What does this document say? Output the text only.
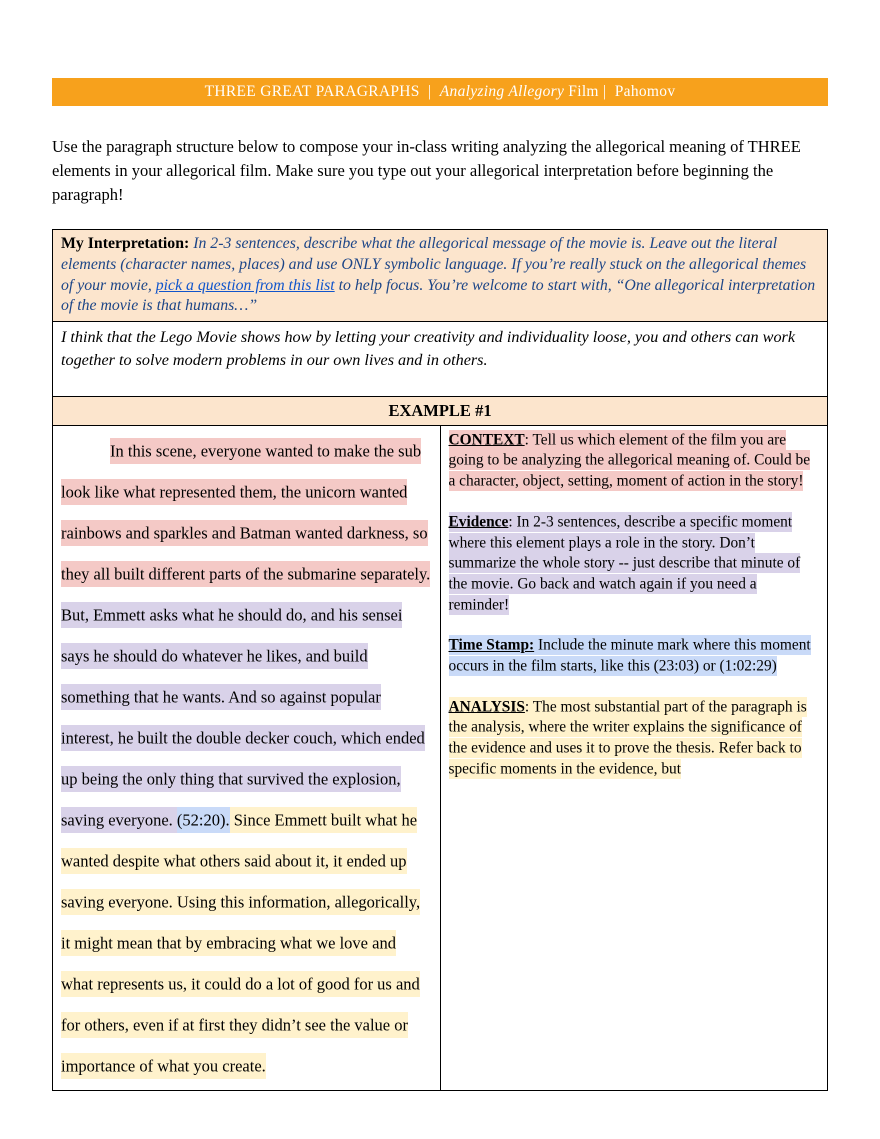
THREE GREAT PARAGRAPHS  |  Analyzing Allegory Film |  Pahomov

Use the paragraph structure below to compose your in-class writing analyzing the allegorical meaning of THREE elements in your allegorical film. Make sure you type out your allegorical interpretation before beginning the paragraph!

My Interpretation: In 2-3 sentences, describe what the allegorical message of the movie is. Leave out the literal elements (character names, places) and use ONLY symbolic language. If you’re really stuck on the allegorical themes of your movie, pick a question from this list to help focus. You’re welcome to start with, “One allegorical interpretation of the movie is that humans…”
I think that the Lego Movie shows how by letting your creativity and individuality loose, you and others can work together to solve modern problems in our own lives and in others.
EXAMPLE #1

In this scene, everyone wanted to make the sub look like what represented them, the unicorn wanted rainbows and sparkles and Batman wanted darkness, so they all built different parts of the submarine separately. But, Emmett asks what he should do, and his sensei says he should do whatever he likes, and build something that he wants. And so against popular interest, he built the double decker couch, which ended up being the only thing that survived the explosion, saving everyone. (52:20). Since Emmett built what he wanted despite what others said about it, it ended up saving everyone. Using this information, allegorically, it might mean that by embracing what we love and what represents us, it could do a lot of good for us and for others, even if at first they didn’t see the value or importance of what you create.

CONTEXT: Tell us which element of the film you are going to be analyzing the allegorical meaning of. Could be a character, object, setting, moment of action in the story!
Evidence: In 2-3 sentences, describe a specific moment where this element plays a role in the story. Don’t summarize the whole story -- just describe that minute of the movie. Go back and watch again if you need a reminder!
Time Stamp: Include the minute mark where this moment occurs in the film starts, like this (23:03) or (1:02:29)
ANALYSIS: The most substantial part of the paragraph is the analysis, where the writer explains the significance of the evidence and uses it to prove the thesis. Refer back to specific moments in the evidence, but
